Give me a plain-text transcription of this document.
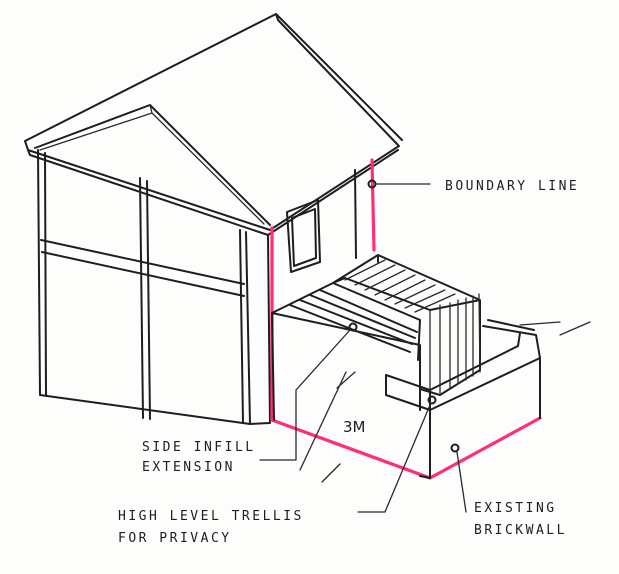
3M
BOUNDARY LINE
SIDE INFILL
EXTENSION
HIGH LEVEL TRELLIS
FOR PRIVACY
EXISTING
BRICKWALL
